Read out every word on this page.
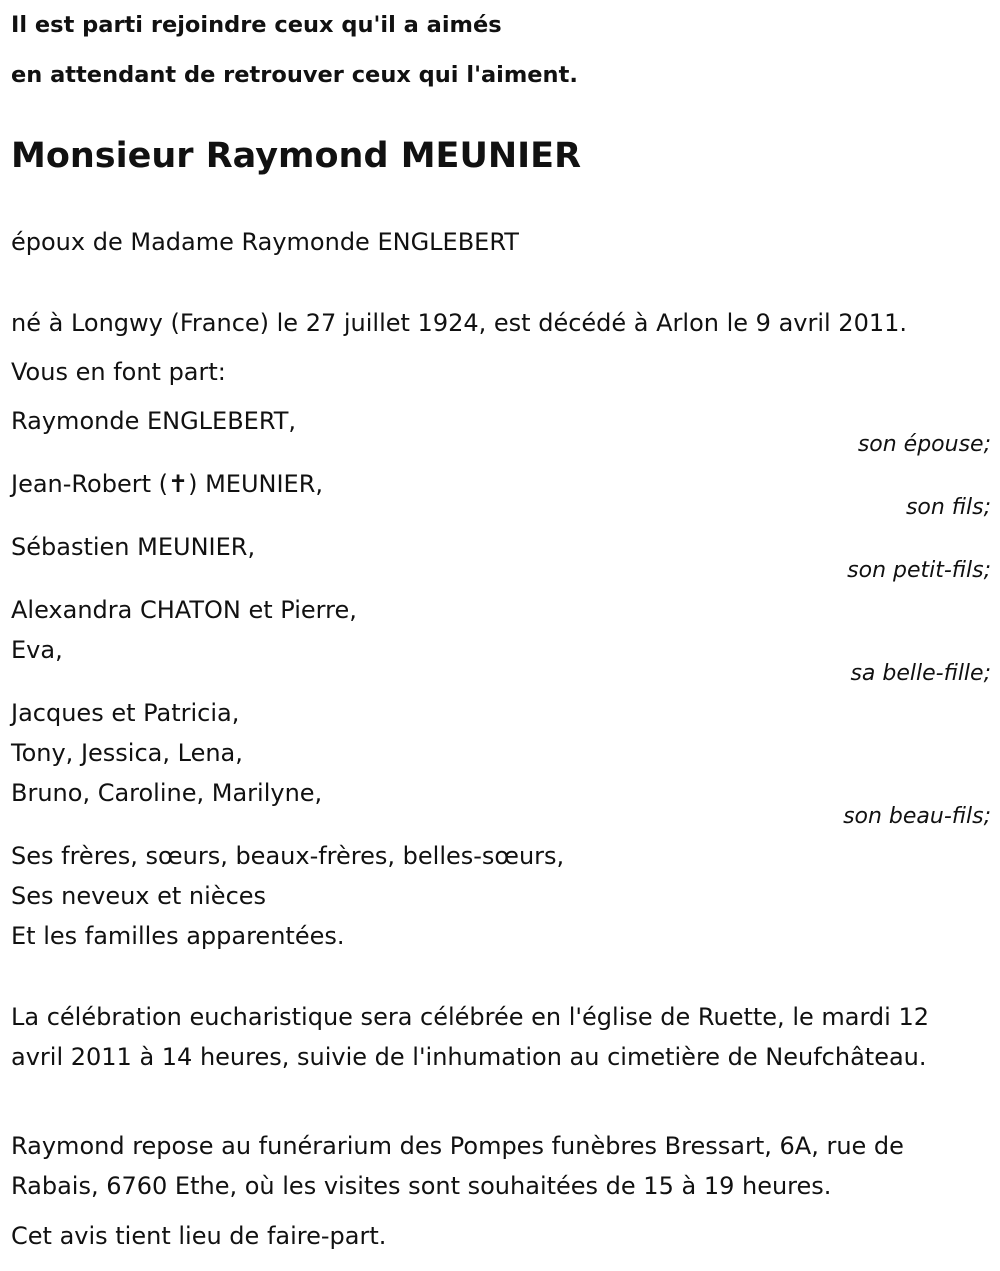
Il est parti rejoindre ceux qu'il a aimés

en attendant de retrouver ceux qui l'aiment.

Monsieur Raymond MEUNIER

époux de Madame Raymonde ENGLEBERT

né à Longwy (France) le 27 juillet 1924, est décédé à Arlon le 9 avril 2011.

Vous en font part:

Raymonde ENGLEBERT,

son épouse;

Jean-Robert (✝) MEUNIER,

son fils;

Sébastien MEUNIER,

son petit-fils;

Alexandra CHATON et Pierre,

Eva,

sa belle-fille;

Jacques et Patricia,

Tony, Jessica, Lena,

Bruno, Caroline, Marilyne,

son beau-fils;

Ses frères, sœurs, beaux-frères, belles-sœurs,

Ses neveux et nièces

Et les familles apparentées.

La célébration eucharistique sera célébrée en l'église de Ruette, le mardi 12 avril 2011 à 14 heures, suivie de l'inhumation au cimetière de Neufchâteau.

Raymond repose au funérarium des Pompes funèbres Bressart, 6A, rue de Rabais, 6760 Ethe, où les visites sont souhaitées de 15 à 19 heures.

Cet avis tient lieu de faire-part.
